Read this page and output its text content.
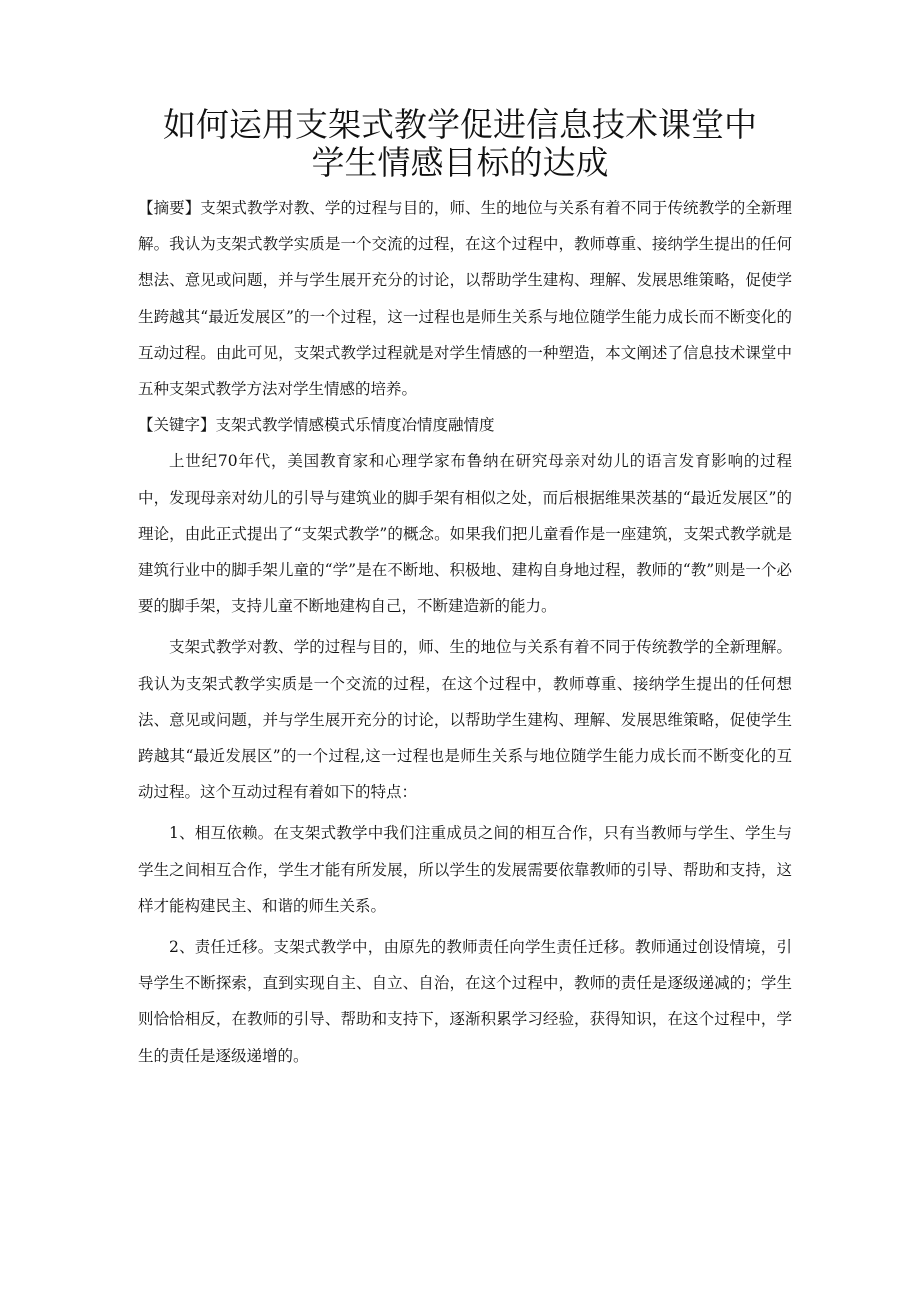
如何运用支架式教学促进信息技术课堂中
学生情感目标的达成

【摘要】支架式教学对教、学的过程与目的，师、生的地位与关系有着不同于传统教学的全新理解。我认为支架式教学实质是一个交流的过程，在这个过程中，教师尊重、接纳学生提出的任何想法、意见或问题，并与学生展开充分的讨论，以帮助学生建构、理解、发展思维策略，促使学生跨越其“最近发展区”的一个过程，这一过程也是师生关系与地位随学生能力成长而不断变化的互动过程。由此可见，支架式教学过程就是对学生情感的一种塑造，本文阐述了信息技术课堂中五种支架式教学方法对学生情感的培养。

【关键字】支架式教学情感模式乐情度冶情度融情度

上世纪70年代，美国教育家和心理学家布鲁纳在研究母亲对幼儿的语言发育影响的过程中，发现母亲对幼儿的引导与建筑业的脚手架有相似之处，而后根据维果茨基的“最近发展区”的理论，由此正式提出了“支架式教学”的概念。如果我们把儿童看作是一座建筑，支架式教学就是建筑行业中的脚手架儿童的“学”是在不断地、积极地、建构自身地过程，教师的“教”则是一个必要的脚手架，支持儿童不断地建构自己，不断建造新的能力。

支架式教学对教、学的过程与目的，师、生的地位与关系有着不同于传统教学的全新理解。我认为支架式教学实质是一个交流的过程，在这个过程中，教师尊重、接纳学生提出的任何想法、意见或问题，并与学生展开充分的讨论，以帮助学生建构、理解、发展思维策略，促使学生跨越其“最近发展区”的一个过程,这一过程也是师生关系与地位随学生能力成长而不断变化的互动过程。这个互动过程有着如下的特点：

1、相互依赖。在支架式教学中我们注重成员之间的相互合作，只有当教师与学生、学生与学生之间相互合作，学生才能有所发展，所以学生的发展需要依靠教师的引导、帮助和支持，这样才能构建民主、和谐的师生关系。

2、责任迁移。支架式教学中，由原先的教师责任向学生责任迁移。教师通过创设情境，引导学生不断探索，直到实现自主、自立、自治，在这个过程中，教师的责任是逐级递减的；学生则恰恰相反，在教师的引导、帮助和支持下，逐渐积累学习经验，获得知识，在这个过程中，学生的责任是逐级递增的。
